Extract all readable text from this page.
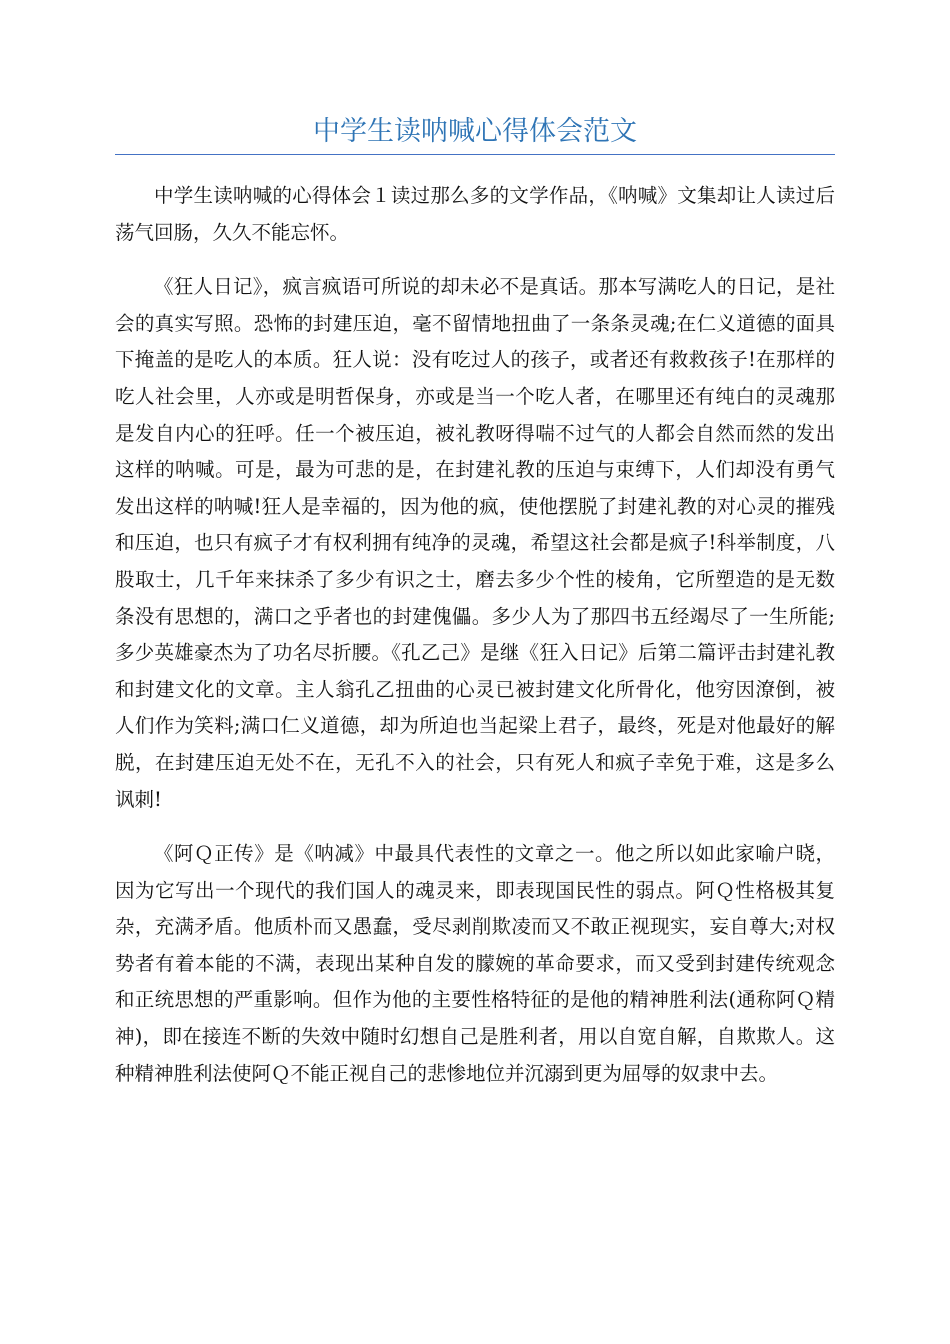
中学生读呐喊心得体会范文

中学生读呐喊的心得体会１读过那么多的文学作品，《呐喊》文集却让人读过后荡气回肠，久久不能忘怀。

《狂人日记》，疯言疯语可所说的却未必不是真话。那本写满吃人的日记，是社会的真实写照。恐怖的封建压迫，毫不留情地扭曲了一条条灵魂;在仁义道德的面具下掩盖的是吃人的本质。狂人说：没有吃过人的孩子，或者还有救救孩子!在那样的吃人社会里，人亦或是明哲保身，亦或是当一个吃人者，在哪里还有纯白的灵魂那是发自内心的狂呼。任一个被压迫，被礼教呀得喘不过气的人都会自然而然的发出这样的呐喊。可是，最为可悲的是，在封建礼教的压迫与束缚下，人们却没有勇气发出这样的呐喊!狂人是幸福的，因为他的疯，使他摆脱了封建礼教的对心灵的摧残和压迫，也只有疯子才有权利拥有纯净的灵魂，希望这社会都是疯子!科举制度，八股取士，几千年来抹杀了多少有识之士，磨去多少个性的棱角，它所塑造的是无数条没有思想的，满口之乎者也的封建傀儡。多少人为了那四书五经竭尽了一生所能;多少英雄豪杰为了功名尽折腰。《孔乙己》是继《狂入日记》后第二篇评击封建礼教和封建文化的文章。主人翁孔乙扭曲的心灵已被封建文化所骨化，他穷因潦倒，被人们作为笑料;满口仁义道德，却为所迫也当起梁上君子，最终，死是对他最好的解脱，在封建压迫无处不在，无孔不入的社会，只有死人和疯子幸免于难，这是多么讽刺!

《阿Ｑ正传》是《呐减》中最具代表性的文章之一。他之所以如此家喻户晓，因为它写出一个现代的我们国人的魂灵来，即表现国民性的弱点。阿Ｑ性格极其复杂，充满矛盾。他质朴而又愚蠢，受尽剥削欺凌而又不敢正视现实，妄自尊大;对权势者有着本能的不满，表现出某种自发的朦婉的革命要求，而又受到封建传统观念和正统思想的严重影响。但作为他的主要性格特征的是他的精神胜利法(通称阿Ｑ精神)，即在接连不断的失效中随时幻想自己是胜利者，用以自宽自解，自欺欺人。这种精神胜利法使阿Ｑ不能正视自己的悲惨地位并沉溺到更为屈辱的奴隶中去。
